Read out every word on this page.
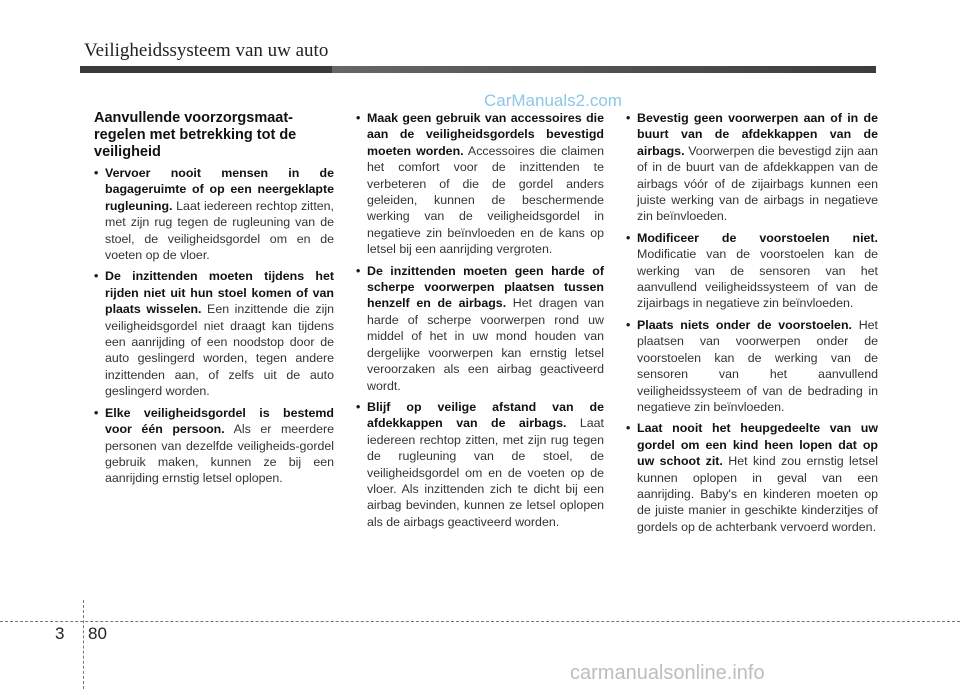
Veiligheidssysteem van uw auto
CarManuals2.com
Aanvullende voorzorgsmaat- regelen met betrekking tot de veiligheid
• Vervoer nooit mensen in de bagageruimte of op een neergeklapte rugleuning. Laat iedereen rechtop zitten, met zijn rug tegen de rugleuning van de stoel, de veiligheidsgordel om en de voeten op de vloer.
• De inzittenden moeten tijdens het rijden niet uit hun stoel komen of van plaats wisselen. Een inzittende die zijn veiligheidsgordel niet draagt kan tijdens een aanrijding of een noodstop door de auto geslingerd worden, tegen andere inzittenden aan, of zelfs uit de auto geslingerd worden.
• Elke veiligheidsgordel is bestemd voor één persoon. Als er meerdere personen van dezelfde veiligheids-gordel gebruik maken, kunnen ze bij een aanrijding ernstig letsel oplopen.
• Maak geen gebruik van accessoires die aan de veiligheidsgordels bevestigd moeten worden. Accessoires die claimen het comfort voor de inzittenden te verbeteren of die de gordel anders geleiden, kunnen de beschermende werking van de veiligheidsgordel in negatieve zin beïnvloeden en de kans op letsel bij een aanrijding vergroten.
• De inzittenden moeten geen harde of scherpe voorwerpen plaatsen tussen henzelf en de airbags. Het dragen van harde of scherpe voorwerpen rond uw middel of het in uw mond houden van dergelijke voorwerpen kan ernstig letsel veroorzaken als een airbag geactiveerd wordt.
• Blijf op veilige afstand van de afdekkappen van de airbags. Laat iedereen rechtop zitten, met zijn rug tegen de rugleuning van de stoel, de veiligheidsgordel om en de voeten op de vloer. Als inzittenden zich te dicht bij een airbag bevinden, kunnen ze letsel oplopen als de airbags geactiveerd worden.
• Bevestig geen voorwerpen aan of in de buurt van de afdekkappen van de airbags. Voorwerpen die bevestigd zijn aan of in de buurt van de afdekkappen van de airbags vóór of de zijairbags kunnen een juiste werking van de airbags in negatieve zin beïnvloeden.
• Modificeer de voorstoelen niet. Modificatie van de voorstoelen kan de werking van de sensoren van het aanvullend veiligheidssysteem of van de zijairbags in negatieve zin beïnvloeden.
• Plaats niets onder de voorstoelen. Het plaatsen van voorwerpen onder de voorstoelen kan de werking van de sensoren van het aanvullend veiligheidssysteem of van de bedrading in negatieve zin beïnvloeden.
• Laat nooit het heupgedeelte van uw gordel om een kind heen lopen dat op uw schoot zit. Het kind zou ernstig letsel kunnen oplopen in geval van een aanrijding. Baby's en kinderen moeten op de juiste manier in geschikte kinderzitjes of gordels op de achterbank vervoerd worden.
3 80
carmanualsonline.info
